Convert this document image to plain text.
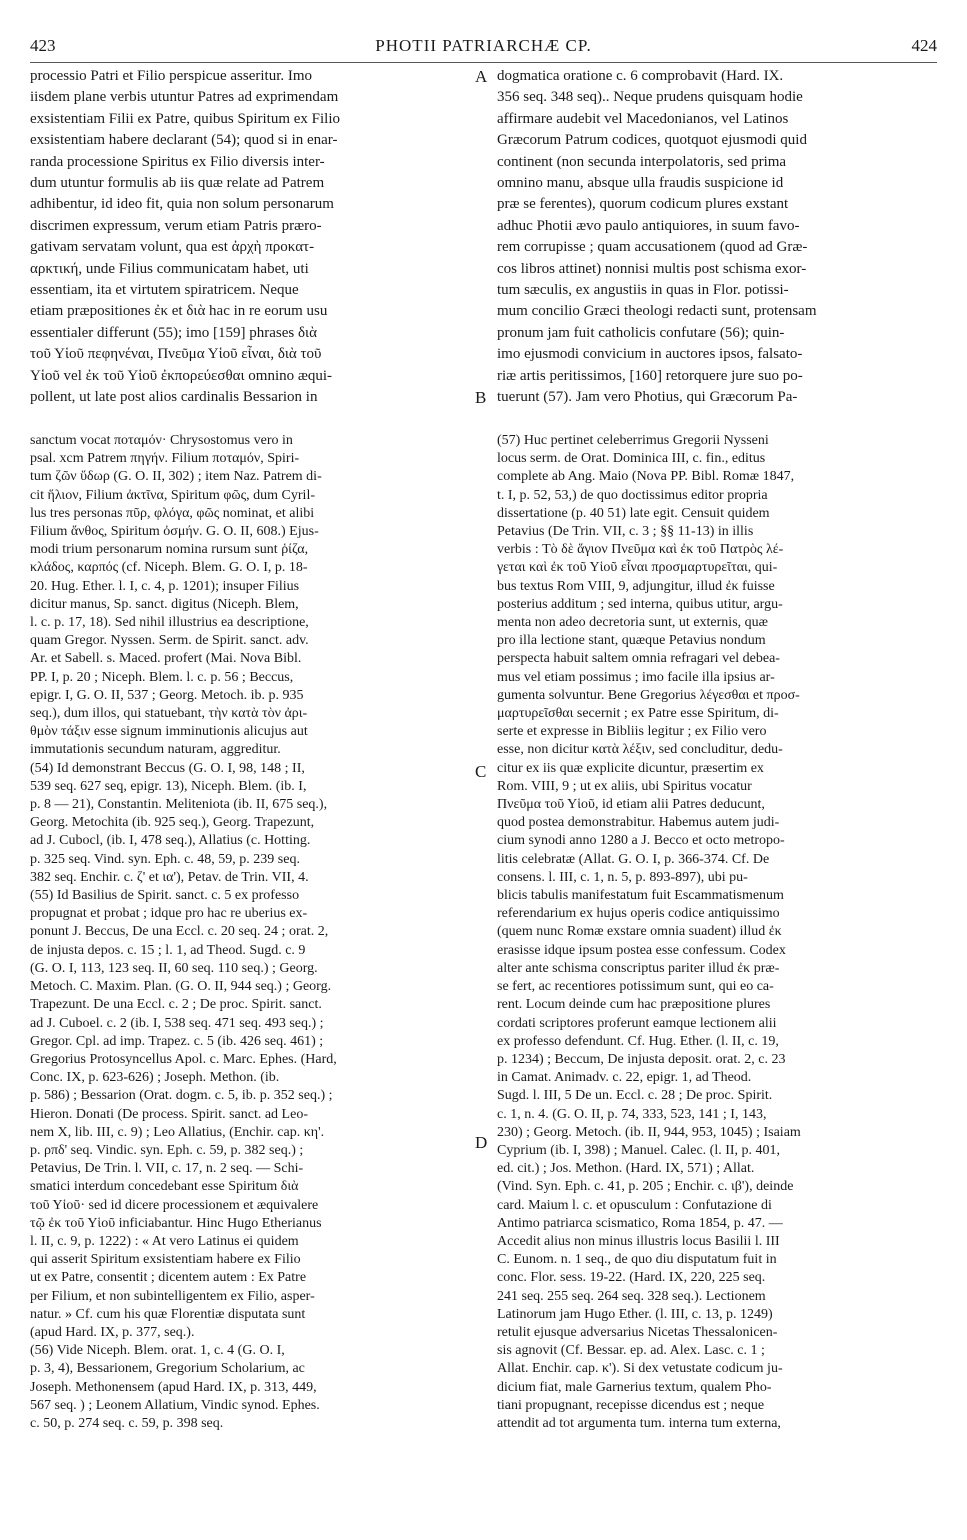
423	PHOTII PATRIARCHÆ CP.	424

processio Patri et Filio perspicue asseritur. Imo
iisdem plane verbis utuntur Patres ad exprimendam
exsistentiam Filii ex Patre, quibus Spiritum ex Filio
exsistentiam habere declarant (54); quod si in enar-
randa processione Spiritus ex Filio diversis inter-
dum utuntur formulis ab iis quæ relate ad Patrem
adhibentur, id ideo fit, quia non solum personarum
discrimen expressum, verum etiam Patris præro-
gativam servatam volunt, qua est ἀρχὴ προκατ-
αρκτική, unde Filius communicatam habet, uti
essentiam, ita et virtutem spiratricem. Neque
etiam præpositiones ἐκ et διὰ hac in re eorum usu
essentialer differunt (55); imo [159] phrases διὰ
τοῦ Υἱοῦ πεφηνέναι, Πνεῦμα Υἱοῦ εἶναι, διὰ τοῦ
Υἱοῦ vel ἐκ τοῦ Υἱοῦ ἐκπορεύεσθαι omnino æqui-
pollent, ut late post alios cardinalis Bessarion in

dogmatica oratione c. 6 comprobavit (Hard. IX.
356 seq. 348 seq).. Neque prudens quisquam hodie
affirmare audebit vel Macedonianos, vel Latinos
Græcorum Patrum codices, quotquot ejusmodi quid
continent (non secunda interpolatoris, sed prima
omnino manu, absque ulla fraudis suspicione id
præ se ferentes), quorum codicum plures exstant
adhuc Photii ævo paulo antiquiores, in suum favo-
rem corrupisse ; quam accusationem (quod ad Græ-
cos libros attinet) nonnisi multis post schisma exor-
tum sæculis, ex angustiis in quas in Flor. potissi-
mum concilio Græci theologi redacti sunt, protensam
pronum jam fuit catholicis confutare (56); quin-
imo ejusmodi convicium in auctores ipsos, falsato-
riæ artis peritissimos, [160] retorquere jure suo po-
tuerunt (57). Jam vero Photius, qui Græcorum Pa-

A
B
C
D

sanctum vocat ποταμόν· Chrysostomus vero in
psal. xcm Patrem πηγήν. Filium ποταμόν, Spiri-
tum ζῶν ὕδωρ (G. O. II, 302) ; item Naz. Patrem di-
cit ἥλιον, Filium ἀκτῖνα, Spiritum φῶς, dum Cyril-
lus tres personas πῦρ, φλόγα, φῶς nominat, et alibi
Filium ἄνθος, Spiritum ὀσμήν. G. O. II, 608.) Ejus-
modi trium personarum nomina rursum sunt ῥίζα,
κλάδος, καρπός (cf. Niceph. Blem. G. O. I, p. 18-
20. Hug. Ether. l. I, c. 4, p. 1201); insuper Filius
dicitur manus, Sp. sanct. digitus (Niceph. Blem,
l. c. p. 17, 18). Sed nihil illustrius ea descriptione,
quam Gregor. Nyssen. Serm. de Spirit. sanct. adv.
Ar. et Sabell. s. Maced. profert (Mai. Nova Bibl.
PP. I, p. 20 ; Niceph. Blem. l. c. p. 56 ; Beccus,
epigr. I, G. O. II, 537 ; Georg. Metoch. ib. p. 935
seq.), dum illos, qui statuebant, τὴν κατὰ τὸν ἀρι-
θμὸν τάξιν esse signum imminutionis alicujus aut
immutationis secundum naturam, aggreditur.
(54) Id demonstrant Beccus (G. O. I, 98, 148 ; II,
539 seq. 627 seq, epigr. 13), Niceph. Blem. (ib. I,
p. 8 — 21), Constantin. Meliteniota (ib. II, 675 seq.),
Georg. Metochita (ib. 925 seq.), Georg. Trapezunt,
ad J. Cubocl, (ib. I, 478 seq.), Allatius (c. Hotting.
p. 325 seq. Vind. syn. Eph. c. 48, 59, p. 239 seq.
382 seq. Enchir. c. ζ' et ια'), Petav. de Trin. VII, 4.
(55) Id Basilius de Spirit. sanct. c. 5 ex professo
propugnat et probat ; idque pro hac re uberius ex-
ponunt J. Beccus, De una Eccl. c. 20 seq. 24 ; orat. 2,
de injusta depos. c. 15 ; l. 1, ad Theod. Sugd. c. 9
(G. O. I, 113, 123 seq. II, 60 seq. 110 seq.) ; Georg.
Metoch. C. Maxim. Plan. (G. O. II, 944 seq.) ; Georg.
Trapezunt. De una Eccl. c. 2 ; De proc. Spirit. sanct.
ad J. Cuboel. c. 2 (ib. I, 538 seq. 471 seq. 493 seq.) ;
Gregor. Cpl. ad imp. Trapez. c. 5 (ib. 426 seq. 461) ;
Gregorius Protosyncellus Apol. c. Marc. Ephes. (Hard,
Conc. IX, p. 623-626) ; Joseph. Methon. (ib.
p. 586) ; Bessarion (Orat. dogm. c. 5, ib. p. 352 seq.) ;
Hieron. Donati (De process. Spirit. sanct. ad Leo-
nem X, lib. III, c. 9) ; Leo Allatius, (Enchir. cap. κη'.
p. ρπδ' seq. Vindic. syn. Eph. c. 59, p. 382 seq.) ;
Petavius, De Trin. l. VII, c. 17, n. 2 seq. — Schi-
smatici interdum concedebant esse Spiritum διὰ
τοῦ Υἱοῦ· sed id dicere processionem et æquivalere
τῷ ἐκ τοῦ Υἱοῦ inficiabantur. Hinc Hugo Etherianus
l. II, c. 9, p. 1222) : « At vero Latinus ei quidem
qui asserit Spiritum exsistentiam habere ex Filio
ut ex Patre, consentit ; dicentem autem : Ex Patre
per Filium, et non subintelligentem ex Filio, asper-
natur. » Cf. cum his quæ Florentiæ disputata sunt
(apud Hard. IX, p. 377, seq.).
(56) Vide Niceph. Blem. orat. 1, c. 4 (G. O. I,
p. 3, 4), Bessarionem, Gregorium Scholarium, ac
Joseph. Methonensem (apud Hard. IX, p. 313, 449,
567 seq. ) ; Leonem Allatium, Vindic synod. Ephes.
c. 50, p. 274 seq. c. 59, p. 398 seq.

(57) Huc pertinet celeberrimus Gregorii Nysseni
locus serm. de Orat. Dominica III, c. fin., editus
complete ab Ang. Maio (Nova PP. Bibl. Romæ 1847,
t. I, p. 52, 53,) de quo doctissimus editor propria
dissertatione (p. 40 51) late egit. Censuit quidem
Petavius (De Trin. VII, c. 3 ; §§ 11-13) in illis
verbis : Τὸ δὲ ἅγιον Πνεῦμα καὶ ἐκ τοῦ Πατρὸς λέ-
γεται καὶ ἐκ τοῦ Υἱοῦ εἶναι προσμαρτυρεῖται, qui-
bus textus Rom VIII, 9, adjungitur, illud ἐκ fuisse
posterius additum ; sed interna, quibus utitur, argu-
menta non adeo decretoria sunt, ut externis, quæ
pro illa lectione stant, quæque Petavius nondum
perspecta habuit saltem omnia refragari vel debea-
mus vel etiam possimus ; imo facile illa ipsius ar-
gumenta solvuntur. Bene Gregorius λέγεσθαι et προσ-
μαρτυρεῖσθαι secernit ; ex Patre esse Spiritum, di-
serte et expresse in Bibliis legitur ; ex Filio vero
esse, non dicitur κατὰ λέξιν, sed concluditur, dedu-
citur ex iis quæ explicite dicuntur, præsertim ex
Rom. VIII, 9 ; ut ex aliis, ubi Spiritus vocatur
Πνεῦμα τοῦ Υἱοῦ, id etiam alii Patres deducunt,
quod postea demonstrabitur. Habemus autem judi-
cium synodi anno 1280 a J. Becco et octo metropo-
litis celebratæ (Allat. G. O. I, p. 366-374. Cf. De
consens. l. III, c. 1, n. 5, p. 893-897), ubi pu-
blicis tabulis manifestatum fuit Escammatismenum
referendarium ex hujus operis codice antiquissimo
(quem nunc Romæ exstare omnia suadent) illud ἐκ
erasisse idque ipsum postea esse confessum. Codex
alter ante schisma conscriptus pariter illud ἐκ præ-
se fert, ac recentiores potissimum sunt, qui eo ca-
rent. Locum deinde cum hac præpositione plures
cordati scriptores proferunt eamque lectionem alii
ex professo defendunt. Cf. Hug. Ether. (l. II, c. 19,
p. 1234) ; Beccum, De injusta deposit. orat. 2, c. 23
in Camat. Animadv. c. 22, epigr. 1, ad Theod.
Sugd. l. III, 5 De un. Eccl. c. 28 ; De proc. Spirit.
c. 1, n. 4. (G. O. II, p. 74, 333, 523, 141 ; I, 143,
230) ; Georg. Metoch. (ib. II, 944, 953, 1045) ; Isaiam
Cyprium (ib. I, 398) ; Manuel. Calec. (l. II, p. 401,
ed. cit.) ; Jos. Methon. (Hard. IX, 571) ; Allat.
(Vind. Syn. Eph. c. 41, p. 205 ; Enchir. c. ιβ'), deinde
card. Maium l. c. et opusculum : Confutazione di
Antimo patriarca scismatico, Roma 1854, p. 47. —
Accedit alius non minus illustris locus Basilii l. III
C. Eunom. n. 1 seq., de quo diu disputatum fuit in
conc. Flor. sess. 19-22. (Hard. IX, 220, 225 seq.
241 seq. 255 seq. 264 seq. 328 seq.). Lectionem
Latinorum jam Hugo Ether. (l. III, c. 13, p. 1249)
retulit ejusque adversarius Nicetas Thessalonicen-
sis agnovit (Cf. Bessar. ep. ad. Alex. Lasc. c. 1 ;
Allat. Enchir. cap. κ'). Si dex vetustate codicum ju-
dicium fiat, male Garnerius textum, qualem Pho-
tiani propugnant, recepisse dicendus est ; neque
attendit ad tot argumenta tum. interna tum externa,
